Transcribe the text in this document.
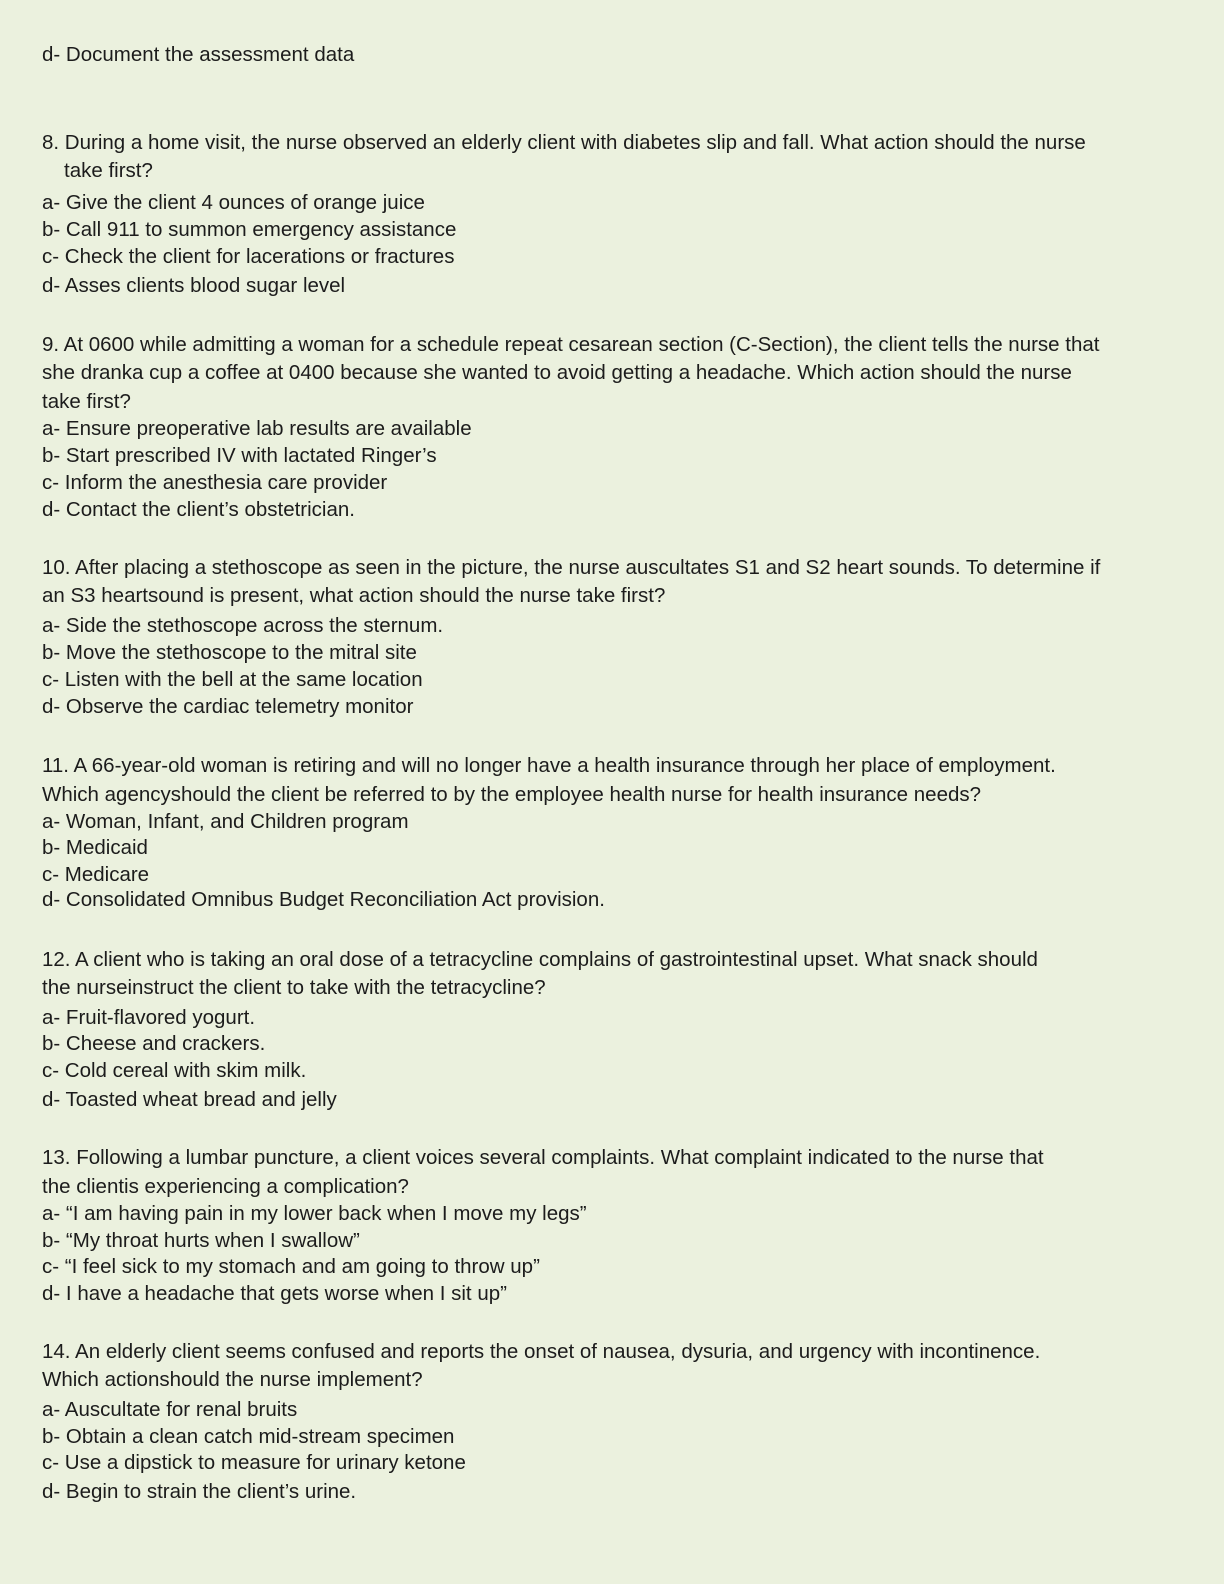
d- Document the assessment data
8. During a home visit, the nurse observed an elderly client with diabetes slip and fall. What action should the nurse
take first?
a- Give the client 4 ounces of orange juice
b- Call 911 to summon emergency assistance
c- Check the client for lacerations or fractures
d- Asses clients blood sugar level
9. At 0600 while admitting a woman for a schedule repeat cesarean section (C-Section), the client tells the nurse that
she dranka cup a coffee at 0400 because she wanted to avoid getting a headache. Which action should the nurse
take first?
a- Ensure preoperative lab results are available
b- Start prescribed IV with lactated Ringer’s
c- Inform the anesthesia care provider
d- Contact the client’s obstetrician.
10. After placing a stethoscope as seen in the picture, the nurse auscultates S1 and S2 heart sounds. To determine if
an S3 heartsound is present, what action should the nurse take first?
a- Side the stethoscope across the sternum.
b- Move the stethoscope to the mitral site
c- Listen with the bell at the same location
d- Observe the cardiac telemetry monitor
11. A 66-year-old woman is retiring and will no longer have a health insurance through her place of employment.
Which agencyshould the client be referred to by the employee health nurse for health insurance needs?
a- Woman, Infant, and Children program
b- Medicaid
c- Medicare
d- Consolidated Omnibus Budget Reconciliation Act provision.
12. A client who is taking an oral dose of a tetracycline complains of gastrointestinal upset. What snack should
the nurseinstruct the client to take with the tetracycline?
a- Fruit-flavored yogurt.
b- Cheese and crackers.
c- Cold cereal with skim milk.
d- Toasted wheat bread and jelly
13. Following a lumbar puncture, a client voices several complaints. What complaint indicated to the nurse that
the clientis experiencing a complication?
a- “I am having pain in my lower back when I move my legs”
b- “My throat hurts when I swallow”
c- “I feel sick to my stomach and am going to throw up”
d- I have a headache that gets worse when I sit up”
14. An elderly client seems confused and reports the onset of nausea, dysuria, and urgency with incontinence.
Which actionshould the nurse implement?
a- Auscultate for renal bruits
b- Obtain a clean catch mid-stream specimen
c- Use a dipstick to measure for urinary ketone
d- Begin to strain the client’s urine.
